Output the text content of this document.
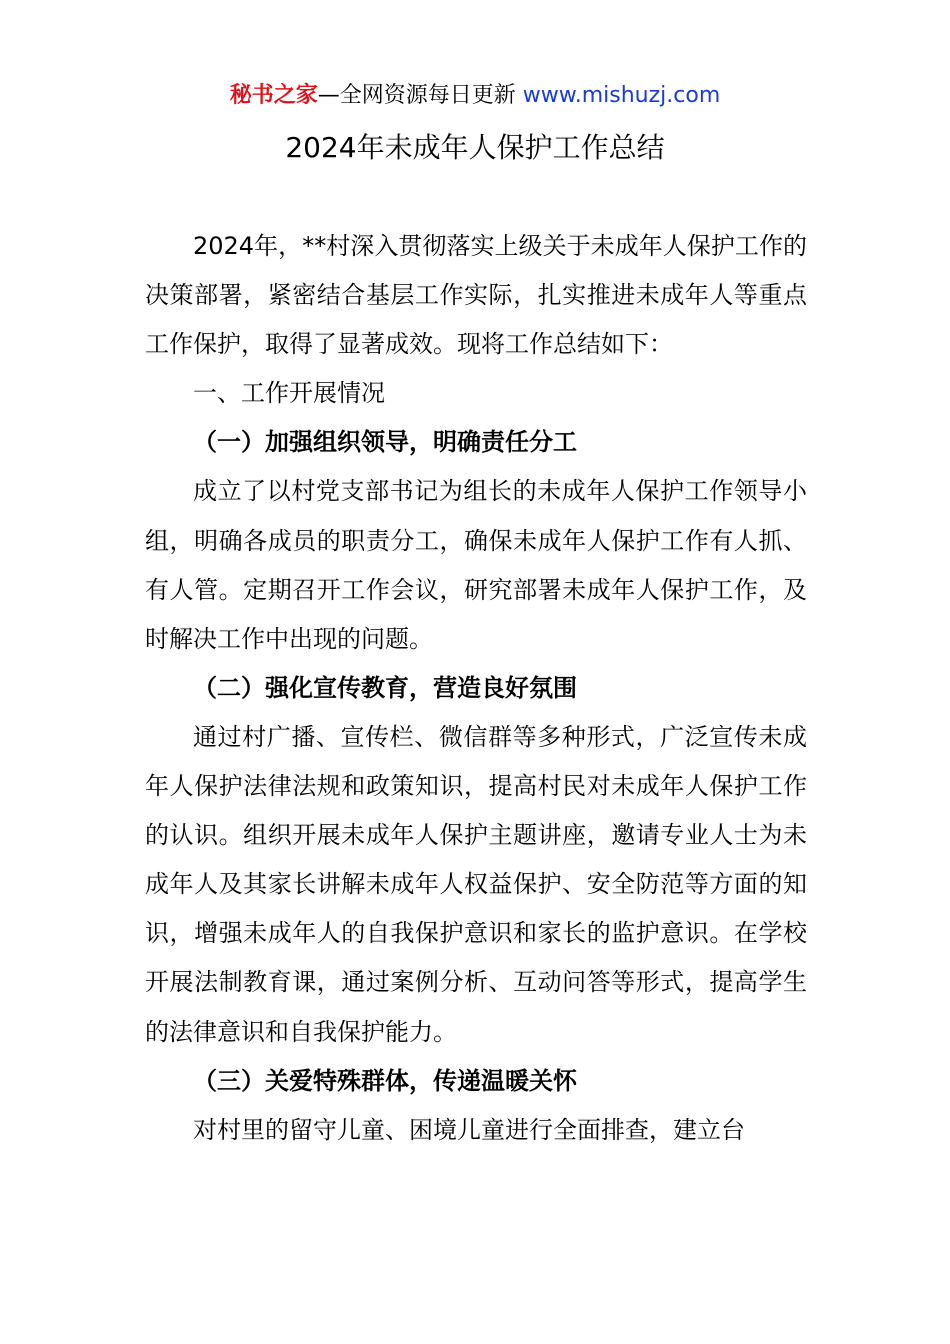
秘书之家—全网资源每日更新 www.mishuzj.com
2024年未成年人保护工作总结

2024年，**村深入贯彻落实上级关于未成年人保护工作的决策部署，紧密结合基层工作实际，扎实推进未成年人等重点工作保护，取得了显著成效。现将工作总结如下：

一、工作开展情况

（一）加强组织领导，明确责任分工

成立了以村党支部书记为组长的未成年人保护工作领导小组，明确各成员的职责分工，确保未成年人保护工作有人抓、有人管。定期召开工作会议，研究部署未成年人保护工作，及时解决工作中出现的问题。

（二）强化宣传教育，营造良好氛围

通过村广播、宣传栏、微信群等多种形式，广泛宣传未成年人保护法律法规和政策知识，提高村民对未成年人保护工作的认识。组织开展未成年人保护主题讲座，邀请专业人士为未成年人及其家长讲解未成年人权益保护、安全防范等方面的知识，增强未成年人的自我保护意识和家长的监护意识。在学校开展法制教育课，通过案例分析、互动问答等形式，提高学生的法律意识和自我保护能力。

（三）关爱特殊群体，传递温暖关怀

对村里的留守儿童、困境儿童进行全面排查，建立台
